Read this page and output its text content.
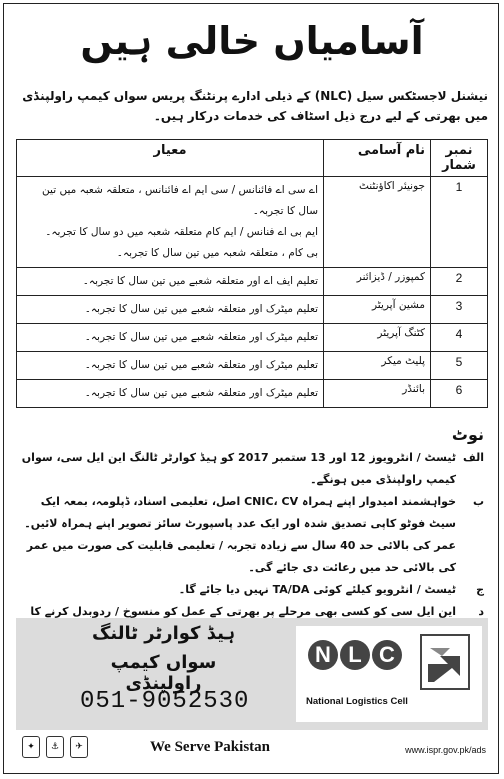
آسامیاں خالی ہیں
نیشنل لاجسٹکس سیل (NLC) کے ذیلی ادارے پرنٹنگ پریس سواں کیمپ راولپنڈی میں بھرتی کے لیے درج ذیل اسٹاف کی خدمات درکار ہیں۔
نمبر شمار	نام آسامی	معیار
1	جونیئر اکاؤنٹنٹ	اے سی اے فائنانس / سی ایم اے فائنانس ، متعلقہ شعبہ میں تین سال کا تجربہ۔
ایم بی اے فنانس / ایم کام متعلقہ شعبہ میں دو سال کا تجربہ۔
بی کام ، متعلقہ شعبہ میں تین سال کا تجربہ۔

2	کمپوزر / ڈیزائنر	تعلیم ایف اے اور متعلقہ شعبے میں تین سال کا تجربہ۔
3	مشین آپریٹر	تعلیم میٹرک اور متعلقہ شعبے میں تین سال کا تجربہ۔
4	کٹنگ آپریٹر	تعلیم میٹرک اور متعلقہ شعبے میں تین سال کا تجربہ۔
5	پلیٹ میکر	تعلیم میٹرک اور متعلقہ شعبے میں تین سال کا تجربہ۔
6	بائنڈر	تعلیم میٹرک اور متعلقہ شعبے میں تین سال کا تجربہ۔
نوٹ
الف
ٹیسٹ / انٹرویوز 12 اور 13 ستمبر 2017 کو ہیڈ کوارٹر ٹالنگ این ایل سی، سواں کیمپ راولپنڈی میں ہونگے۔
ب
خواہشمند امیدوار اپنے ہمراہ CNIC، CV اصل، تعلیمی اسناد، ڈپلومہ، بمعہ ایک سیٹ فوٹو کاپی تصدیق شدہ اور ایک عدد پاسپورٹ سائز تصویر اپنے ہمراہ لائیں۔ عمر کی بالائی حد 40 سال سے زیادہ تجربہ / تعلیمی قابلیت کی صورت میں عمر کی بالائی حد میں رعائت دی جائے گی۔
ج
ٹیسٹ / انٹرویو کیلئے کوئی TA/DA نہیں دیا جائے گا۔
د
این ایل سی کو کسی بھی مرحلے پر بھرتی کے عمل کو منسوخ / ردوبدل کرنے کا
ہیڈ کوارٹر ٹالنگ
سواں کیمپ راولپنڈی
051-9052530
N L C
National Logistics Cell
✦	⚓	✈	We Serve Pakistan	www.ispr.gov.pk/ads
